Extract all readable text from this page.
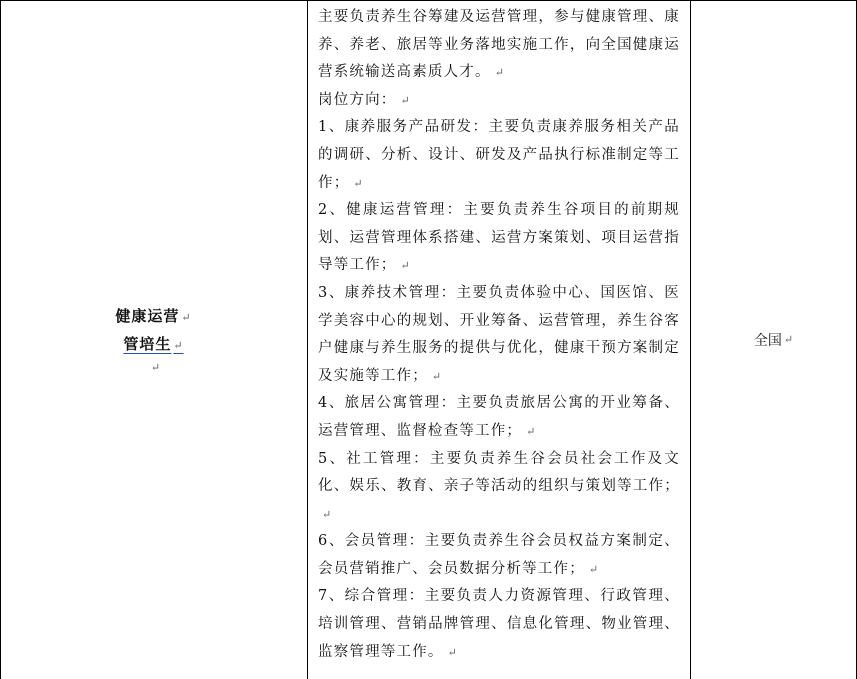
健康运营 ↵
管培生 ↵
↵

主要负责养生谷筹建及运营管理，参与健康管理、康养、养老、旅居等业务落地实施工作，向全国健康运营系统输送高素质人才。 ↵

岗位方向： ↵

1、康养服务产品研发：主要负责康养服务相关产品的调研、分析、设计、研发及产品执行标准制定等工作； ↵

2、健康运营管理：主要负责养生谷项目的前期规划、运营管理体系搭建、运营方案策划、项目运营指导等工作； ↵

3、康养技术管理：主要负责体验中心、国医馆、医学美容中心的规划、开业筹备、运营管理，养生谷客户健康与养生服务的提供与优化，健康干预方案制定及实施等工作； ↵

4、旅居公寓管理：主要负责旅居公寓的开业筹备、运营管理、监督检查等工作； ↵

5、社工管理：主要负责养生谷会员社会工作及文化、娱乐、教育、亲子等活动的组织与策划等工作；↵

6、会员管理：主要负责养生谷会员权益方案制定、会员营销推广、会员数据分析等工作； ↵

7、综合管理：主要负责人力资源管理、行政管理、培训管理、营销品牌管理、信息化管理、物业管理、监察管理等工作。 ↵

全国 ↵
